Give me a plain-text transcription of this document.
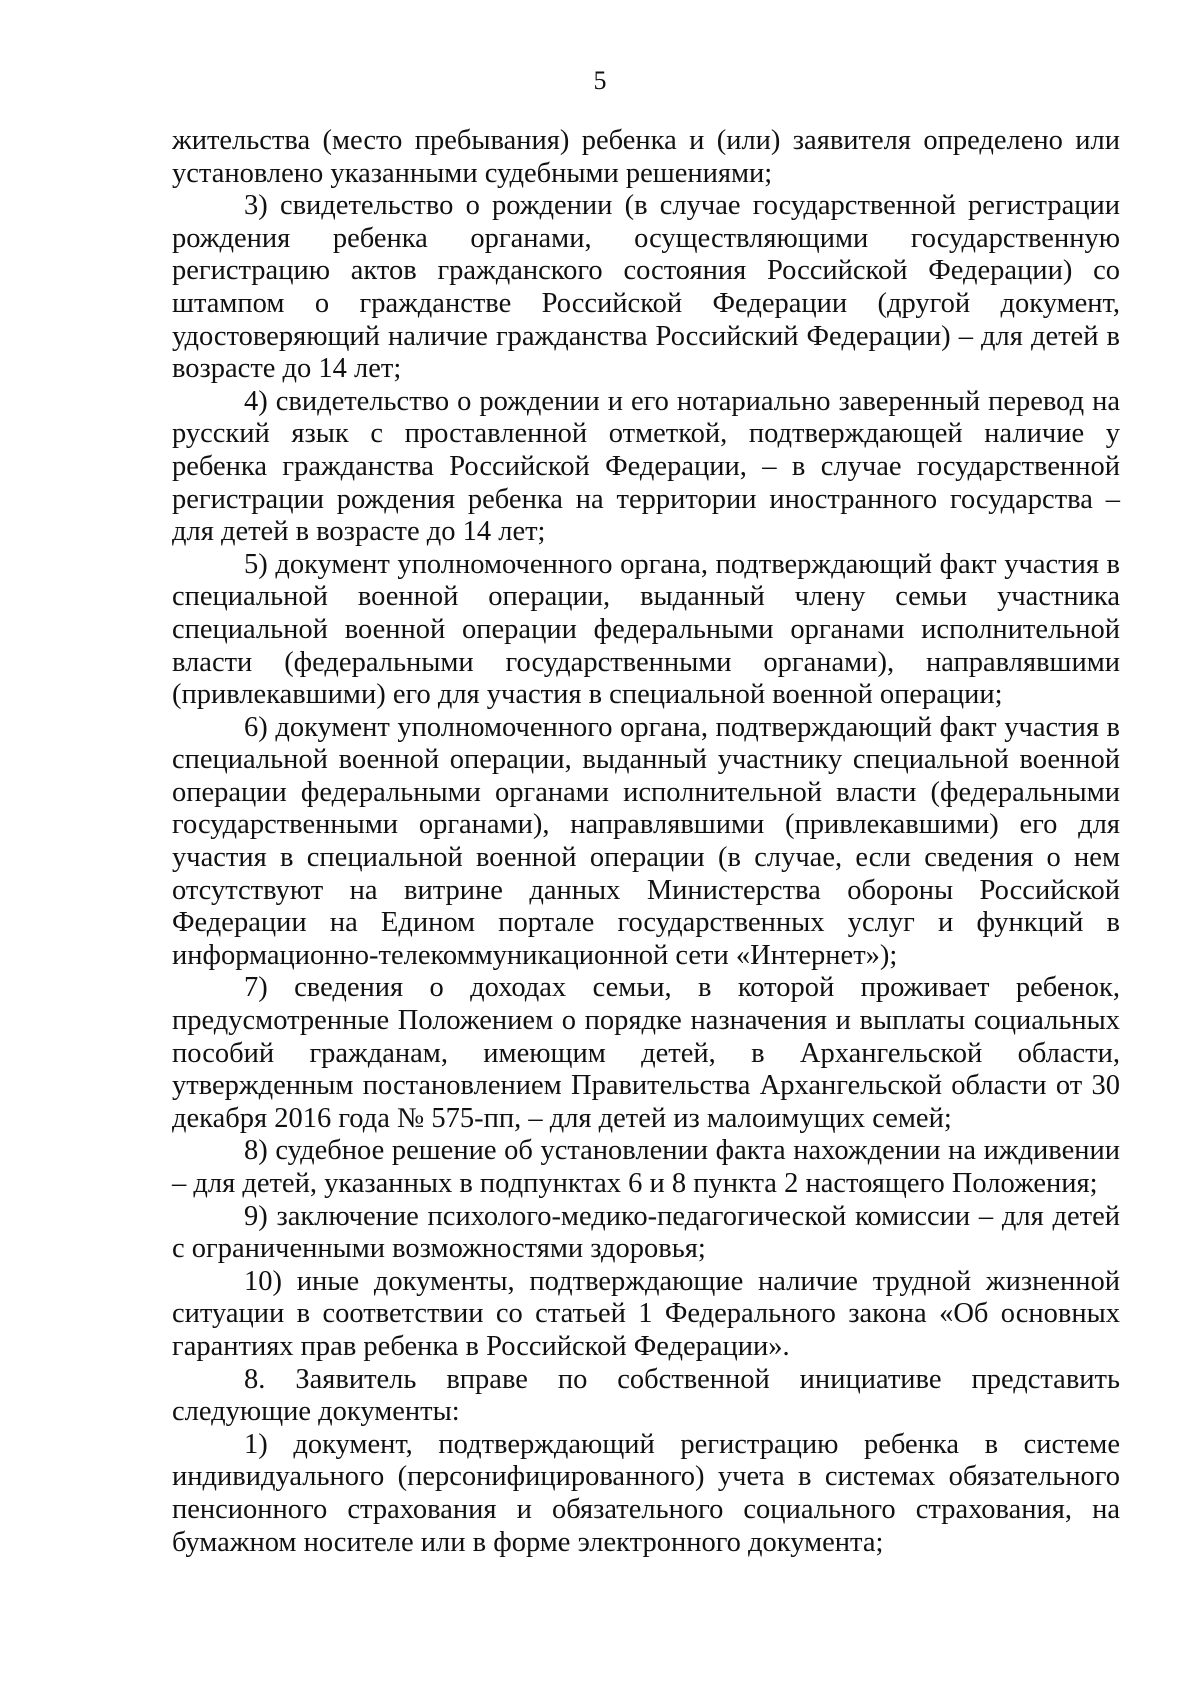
5

жительства (место пребывания) ребенка и (или) заявителя определено или установлено указанными судебными решениями;

3) свидетельство о рождении (в случае государственной регистрации рождения ребенка органами, осуществляющими государственную регистрацию актов гражданского состояния Российской Федерации) со штампом о гражданстве Российской Федерации (другой документ, удостоверяющий наличие гражданства Российский Федерации) – для детей в возрасте до 14 лет;

4) свидетельство о рождении и его нотариально заверенный перевод на русский язык с проставленной отметкой, подтверждающей наличие у ребенка гражданства Российской Федерации, – в случае государственной регистрации рождения ребенка на территории иностранного государства – для детей в возрасте до 14 лет;

5) документ уполномоченного органа, подтверждающий факт участия в специальной военной операции, выданный члену семьи участника специальной военной операции федеральными органами исполнительной власти (федеральными государственными органами), направлявшими (привлекавшими) его для участия в специальной военной операции;

6) документ уполномоченного органа, подтверждающий факт участия в специальной военной операции, выданный участнику специальной военной операции федеральными органами исполнительной власти (федеральными государственными органами), направлявшими (привлекавшими) его для участия в специальной военной операции (в случае, если сведения о нем отсутствуют на витрине данных Министерства обороны Российской Федерации на Едином портале государственных услуг и функций в информационно-телекоммуникационной сети «Интернет»);

7) сведения о доходах семьи, в которой проживает ребенок, предусмотренные Положением о порядке назначения и выплаты социальных пособий гражданам, имеющим детей, в Архангельской области, утвержденным постановлением Правительства Архангельской области от 30 декабря 2016 года № 575-пп, – для детей из малоимущих семей;

8) судебное решение об установлении факта нахождении на иждивении – для детей, указанных в подпунктах 6 и 8 пункта 2 настоящего Положения;

9) заключение психолого-медико-педагогической комиссии – для детей с ограниченными возможностями здоровья;

10) иные документы, подтверждающие наличие трудной жизненной ситуации в соответствии со статьей 1 Федерального закона «Об основных гарантиях прав ребенка в Российской Федерации».

8. Заявитель вправе по собственной инициативе представить следующие документы:

1) документ, подтверждающий регистрацию ребенка в системе индивидуального (персонифицированного) учета в системах обязательного пенсионного страхования и обязательного социального страхования, на бумажном носителе или в форме электронного документа;
